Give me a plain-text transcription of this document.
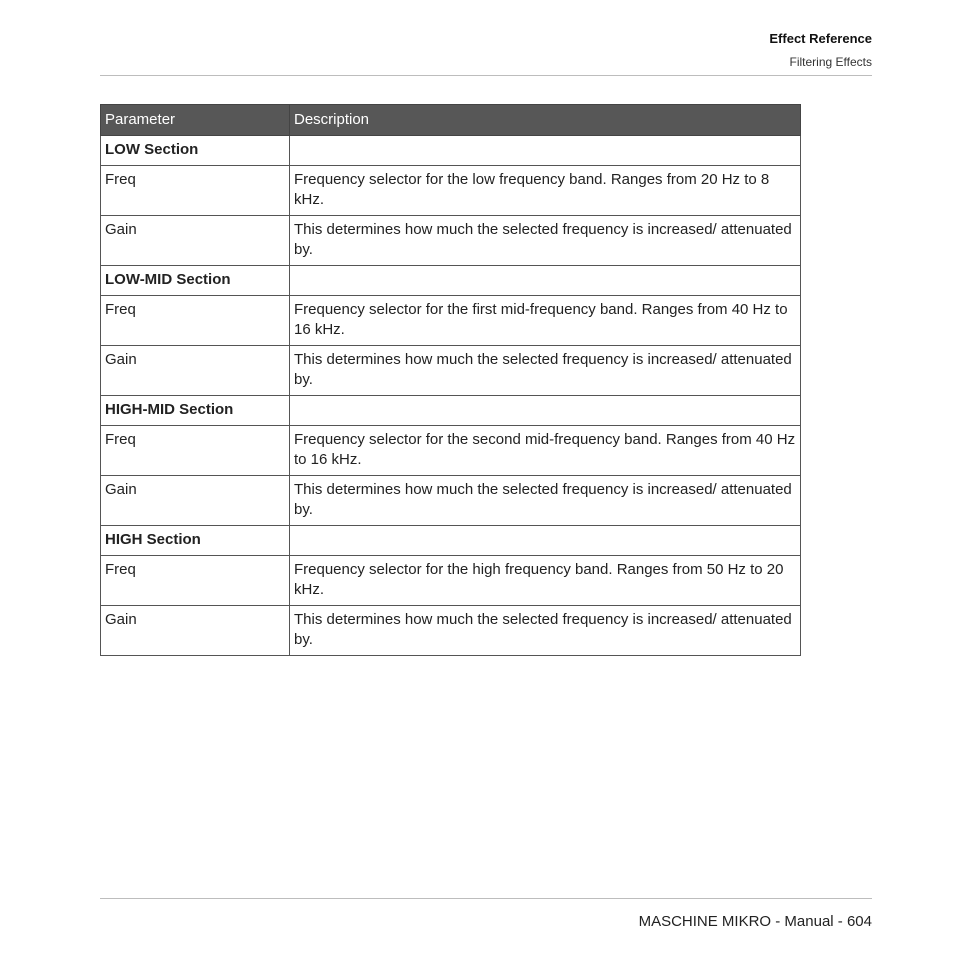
Effect Reference
Filtering Effects
Parameter	Description
LOW Section	
Freq	Frequency selector for the low frequency band. Ranges from 20 Hz to 8 kHz.
Gain	This determines how much the selected frequency is increased/ attenuated by.
LOW-MID Section	
Freq	Frequency selector for the first mid-frequency band. Ranges from 40 Hz to 16 kHz.
Gain	This determines how much the selected frequency is increased/ attenuated by.
HIGH-MID Section	
Freq	Frequency selector for the second mid-frequency band. Ranges from 40 Hz to 16 kHz.
Gain	This determines how much the selected frequency is increased/ attenuated by.
HIGH Section	
Freq	Frequency selector for the high frequency band. Ranges from 50 Hz to 20 kHz.
Gain	This determines how much the selected frequency is increased/ attenuated by.
MASCHINE MIKRO - Manual - 604
